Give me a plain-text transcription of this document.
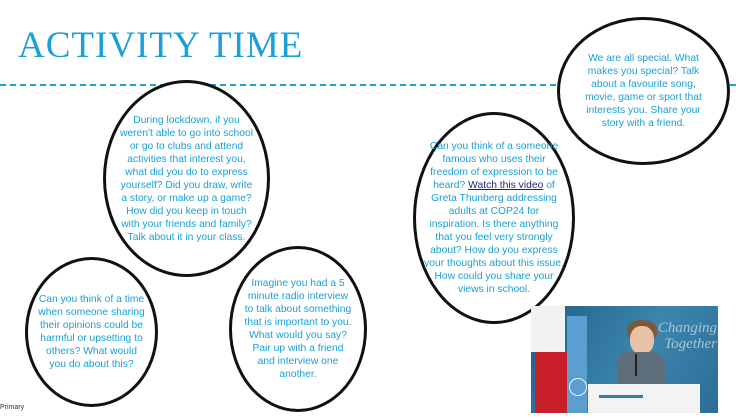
ACTIVITY TIME
During lockdown, if you weren't able to go into school or go to clubs and attend activities that interest you, what did you do to express yourself? Did you draw, write a story, or make up a game? How did you keep in touch with your friends and family? Talk about it in your class.
Can you think of a time when someone sharing their opinions could be harmful or upsetting to others? What would you do about this?
Imagine you had a 5 minute radio interview to talk about something that is important to you. What would you say? Pair up with a friend and interview one another.
Can you think of a someone famous who uses their freedom of expression to be heard? Watch this video of Greta Thunberg addressing adults at COP24 for inspiration. Is there anything that you feel very strongly about? How do you express your thoughts about this issue. How could you share your views in school.
We are all special. What makes you special? Talk about a favourite song, movie, game or sport that interests you. Share your story with a friend.
Changing Together
Primary
